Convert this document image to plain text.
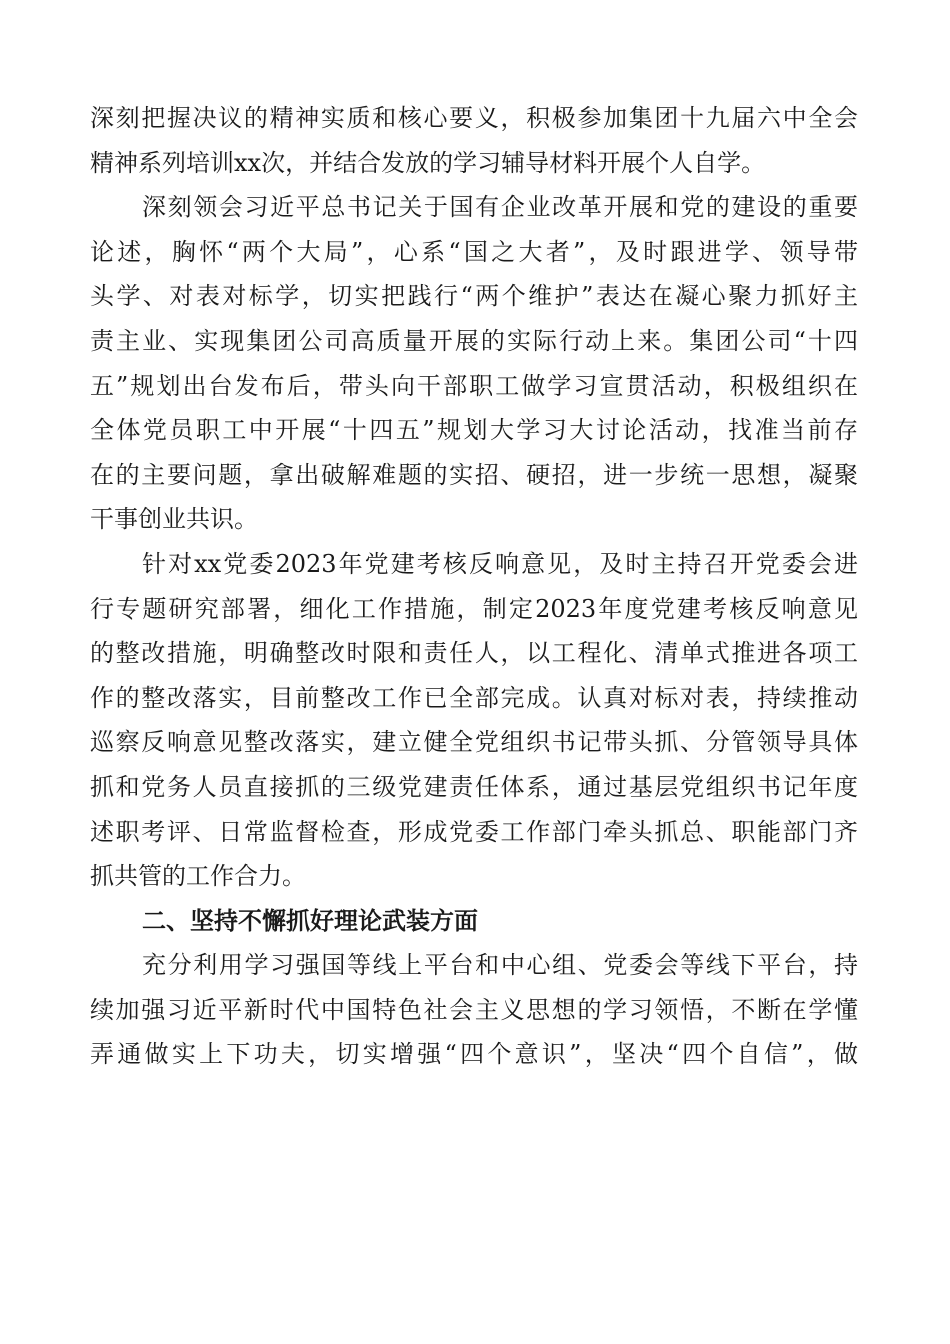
深刻把握决议的精神实质和核心要义，积极参加集团十九届六中全会
精神系列培训xx次，并结合发放的学习辅导材料开展个人自学。
深刻领会习近平总书记关于国有企业改革开展和党的建设的重要
论述，胸怀“两个大局”，心系“国之大者”，及时跟进学、领导带
头学、对表对标学，切实把践行“两个维护”表达在凝心聚力抓好主
责主业、实现集团公司高质量开展的实际行动上来。集团公司“十四
五”规划出台发布后，带头向干部职工做学习宣贯活动，积极组织在
全体党员职工中开展“十四五”规划大学习大讨论活动，找准当前存
在的主要问题，拿出破解难题的实招、硬招，进一步统一思想，凝聚
干事创业共识。
针对xx党委2023年党建考核反响意见，及时主持召开党委会进
行专题研究部署，细化工作措施，制定2023年度党建考核反响意见
的整改措施，明确整改时限和责任人，以工程化、清单式推进各项工
作的整改落实，目前整改工作已全部完成。认真对标对表，持续推动
巡察反响意见整改落实，建立健全党组织书记带头抓、分管领导具体
抓和党务人员直接抓的三级党建责任体系，通过基层党组织书记年度
述职考评、日常监督检查，形成党委工作部门牵头抓总、职能部门齐
抓共管的工作合力。
二、坚持不懈抓好理论武装方面
充分利用学习强国等线上平台和中心组、党委会等线下平台，持
续加强习近平新时代中国特色社会主义思想的学习领悟，不断在学懂
弄通做实上下功夫，切实增强“四个意识”，坚决“四个自信”，做
